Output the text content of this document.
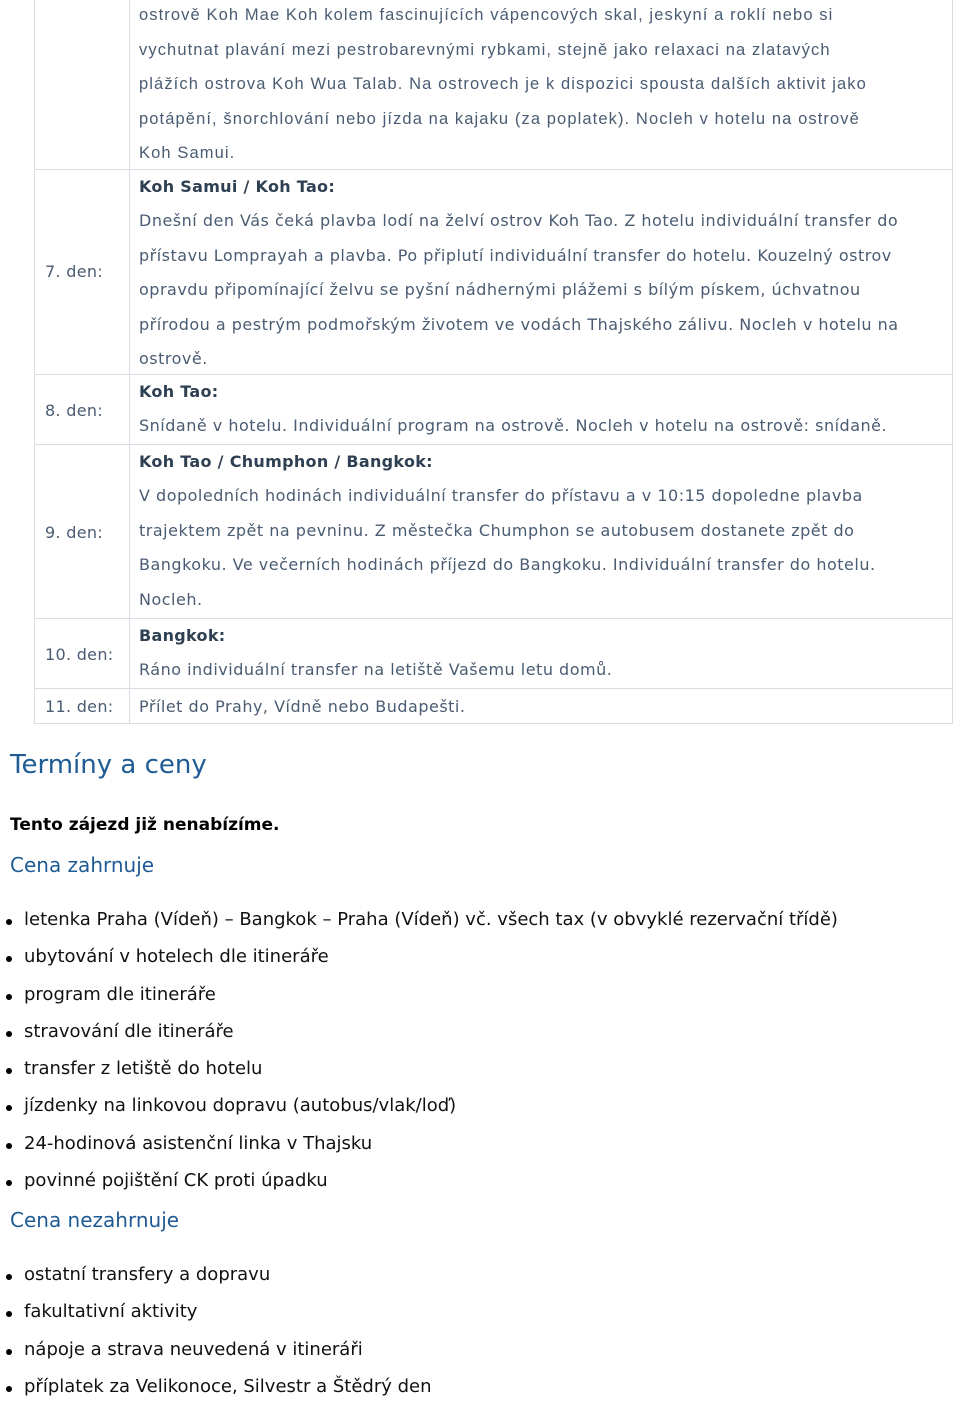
ostrově Koh Mae Koh kolem fascinujících vápencových skal, jeskyní a roklí nebo si
vychutnat plavání mezi pestrobarevnými rybkami, stejně jako relaxaci na zlatavých
plážích ostrova Koh Wua Talab. Na ostrovech je k dispozici spousta dalších aktivit jako
potápění, šnorchlování nebo jízda na kajaku (za poplatek). Nocleh v hotelu na ostrově
Koh Samui.
7. den:
Koh Samui / Koh Tao:
Dnešní den Vás čeká plavba lodí na želví ostrov Koh Tao. Z hotelu individuální transfer do
přístavu Lomprayah a plavba. Po připlutí individuální transfer do hotelu. Kouzelný ostrov
opravdu připomínající želvu se pyšní nádhernými plážemi s bílým pískem, úchvatnou
přírodou a pestrým podmořským životem ve vodách Thajského zálivu. Nocleh v hotelu na
ostrově.
8. den:
Koh Tao:
Snídaně v hotelu. Individuální program na ostrově. Nocleh v hotelu na ostrově: snídaně.
9. den:
Koh Tao / Chumphon / Bangkok:
V dopoledních hodinách individuální transfer do přístavu a v 10:15 dopoledne plavba
trajektem zpět na pevninu. Z městečka Chumphon se autobusem dostanete zpět do
Bangkoku. Ve večerních hodinách příjezd do Bangkoku. Individuální transfer do hotelu.
Nocleh.
10. den:
Bangkok:
Ráno individuální transfer na letiště Vašemu letu domů.
11. den: Přílet do Prahy, Vídně nebo Budapešti.
Termíny a ceny
Tento zájezd již nenabízíme.
Cena zahrnuje
letenka Praha (Vídeň) – Bangkok – Praha (Vídeň) vč. všech tax (v obvyklé rezervační třídě)
ubytování v hotelech dle itineráře
program dle itineráře
stravování dle itineráře
transfer z letiště do hotelu
jízdenky na linkovou dopravu (autobus/vlak/loď)
24-hodinová asistenční linka v Thajsku
povinné pojištění CK proti úpadku
Cena nezahrnuje
ostatní transfery a dopravu
fakultativní aktivity
nápoje a strava neuvedená v itineráři
příplatek za Velikonoce, Silvestr a Štědrý den
